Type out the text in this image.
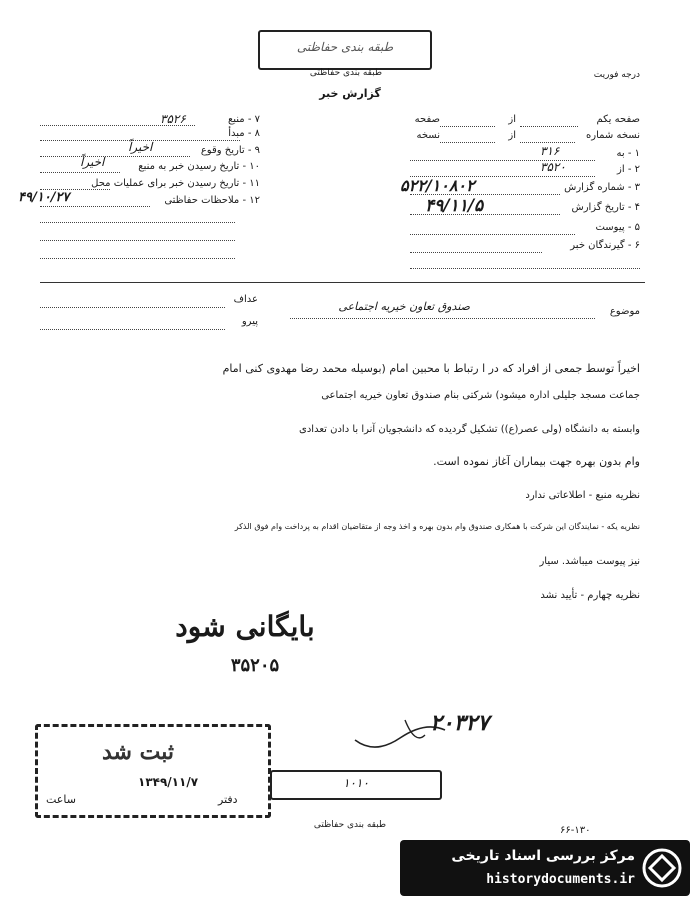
طبقه بندی حفاظتی
طبقه بندی حفاظتی	درجه فوریت
گزارش خبر
۷ - منبع
۳۵۲۶
۸ - مبدأ
۹ - تاریخ وقوع
اخیراً
۱۰ - تاریخ رسیدن خبر به منبع
اخیراً
۱۱ - تاریخ رسیدن خبر برای عملیات محل
۴۹/۱۰/۲۷	۱۲ - ملاحظات حفاظتی
صفحه یکم
از
صفحه
نسخه شماره
از
نسخه
۱ - به
۳۱۶
۲ - از
۳۵۲۰
۳ - شماره گزارش
۵۲۲/۱۰۸۰۲
۴ - تاریخ گزارش
۴۹/۱۱/۵
۵ - پیوست
۶ - گیرندگان خبر
عداف
پیرو
موضوع
صندوق تعاون خیریه اجتماعی
اخیراً توسط جمعی از افراد که در ا رتباط با محبین امام (بوسیله محمد رضا مهدوی کنی امام
جماعت مسجد جلیلی اداره میشود) شرکتی بنام صندوق تعاون خیریه اجتماعی
وابسته به دانشگاه (ولی عصر(ع)) تشکیل گردیده که دانشجویان آنرا با دادن تعدادی
وام بدون بهره جهت بیماران آغاز نموده است.
نظریه منبع - اطلاعاتی ندارد
نظریه یکه - نمایندگان این شرکت با همکاری صندوق وام بدون بهره و اخذ وجه از متقاضیان اقدام به پرداخت وام فوق الذکر
نیز پیوست میباشد. سیار
نظریه چهارم - تأیید نشد
بایگانی شود
۳۵۲۰۵
۲۰۳۲۷
ثبت شد
۱۳۴۹/۱۱/۷
ساعت	دفتر
۱۰۱۰
طبقه بندی حفاظتی	۶۶-۱۳۰
مرکز بررسی اسناد تاریخی
historydocuments.ir
